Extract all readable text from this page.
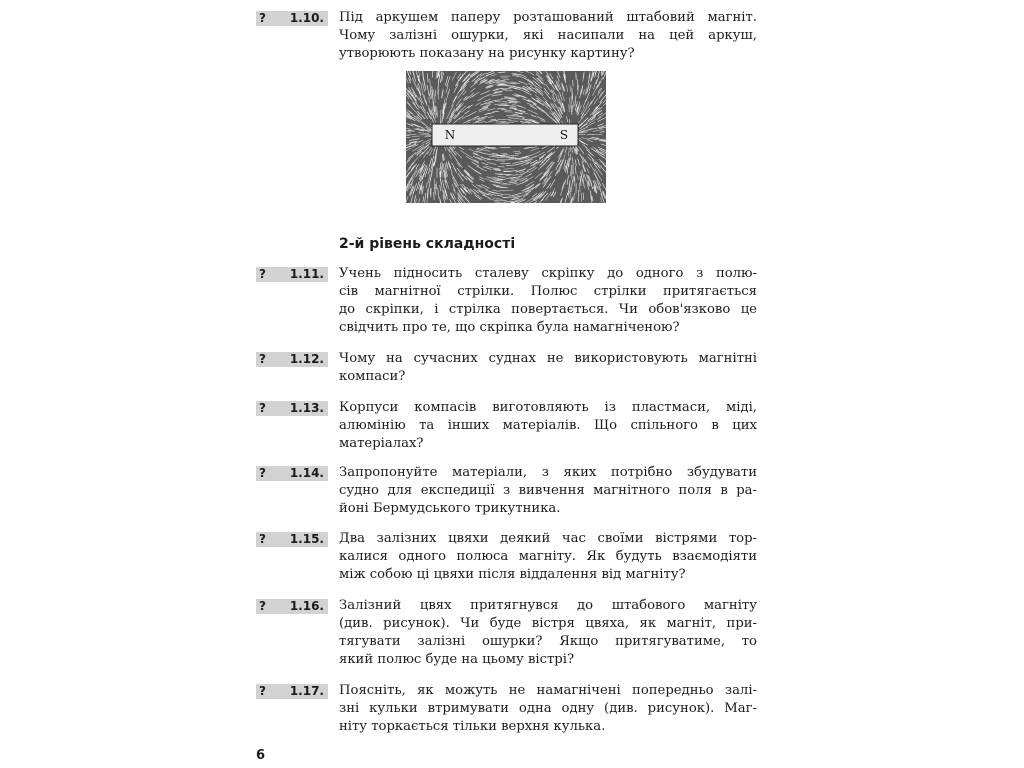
? 1.10. Під аркушем паперу розташований штабовий магніт.
Чому залізні ошурки, які насипали на цей аркуш,
утворюють показану на рисунку картину?

N	S

2-й рівень складності

? 1.11. Учень підносить сталеву скріпку до одного з полю-
сів магнітної стрілки. Полюс стрілки притягається
до скріпки, і стрілка повертається. Чи обов'язково це
свідчить про те, що скріпка була намагніченою?

? 1.12. Чому на сучасних суднах не використовують магнітні
компаси?

? 1.13. Корпуси компасів виготовляють із пластмаси, міді,
алюмінію та інших матеріалів. Що спільного в цих
матеріалах?

? 1.14. Запропонуйте матеріали, з яких потрібно збудувати
судно для експедиції з вивчення магнітного поля в ра-
йоні Бермудського трикутника.

? 1.15. Два залізних цвяхи деякий час своїми вістрями тор-
калися одного полюса магніту. Як будуть взаємодіяти
між собою ці цвяхи після віддалення від магніту?

? 1.16. Залізний цвях притягнувся до штабового магніту
(див. рисунок). Чи буде вістря цвяха, як магніт, при-
тягувати залізні ошурки? Якщо притягуватиме, то
який полюс буде на цьому вістрі?

? 1.17. Поясніть, як можуть не намагнічені попередньо залі-
зні кульки втримувати одна одну (див. рисунок). Маг-
ніту торкається тільки верхня кулька.

6
